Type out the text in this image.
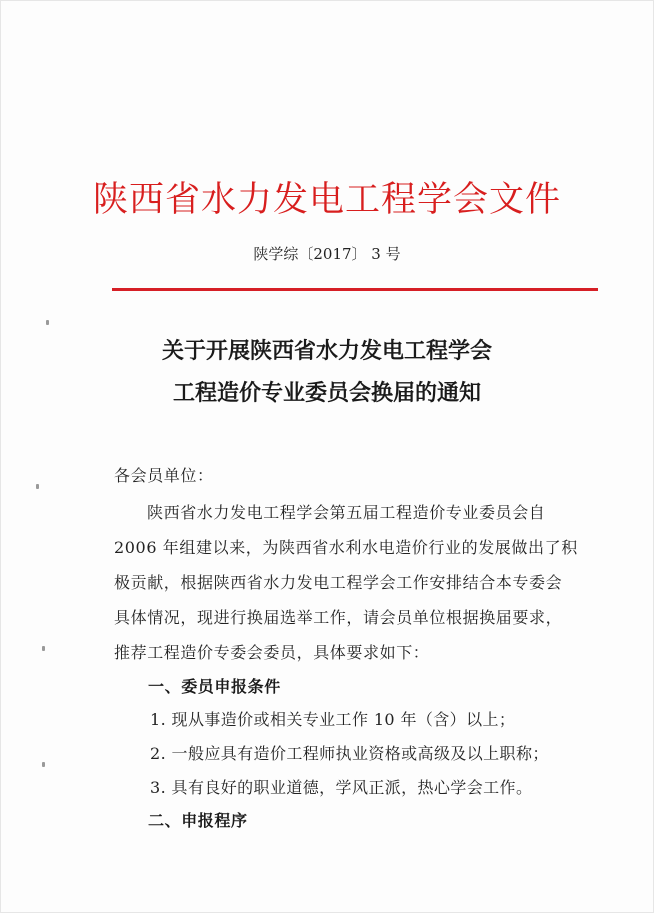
陕西省水力发电工程学会文件
陕学综〔2017〕 3 号
关于开展陕西省水力发电工程学会
工程造价专业委员会换届的通知
各会员单位：
陕西省水力发电工程学会第五届工程造价专业委员会自
2006 年组建以来，为陕西省水利水电造价行业的发展做出了积
极贡献，根据陕西省水力发电工程学会工作安排结合本专委会
具体情况，现进行换届选举工作，请会员单位根据换届要求，
推荐工程造价专委会委员，具体要求如下：
一、委员申报条件
1. 现从事造价或相关专业工作 10 年（含）以上；
2. 一般应具有造价工程师执业资格或高级及以上职称；
3. 具有良好的职业道德，学风正派，热心学会工作。
二、申报程序
